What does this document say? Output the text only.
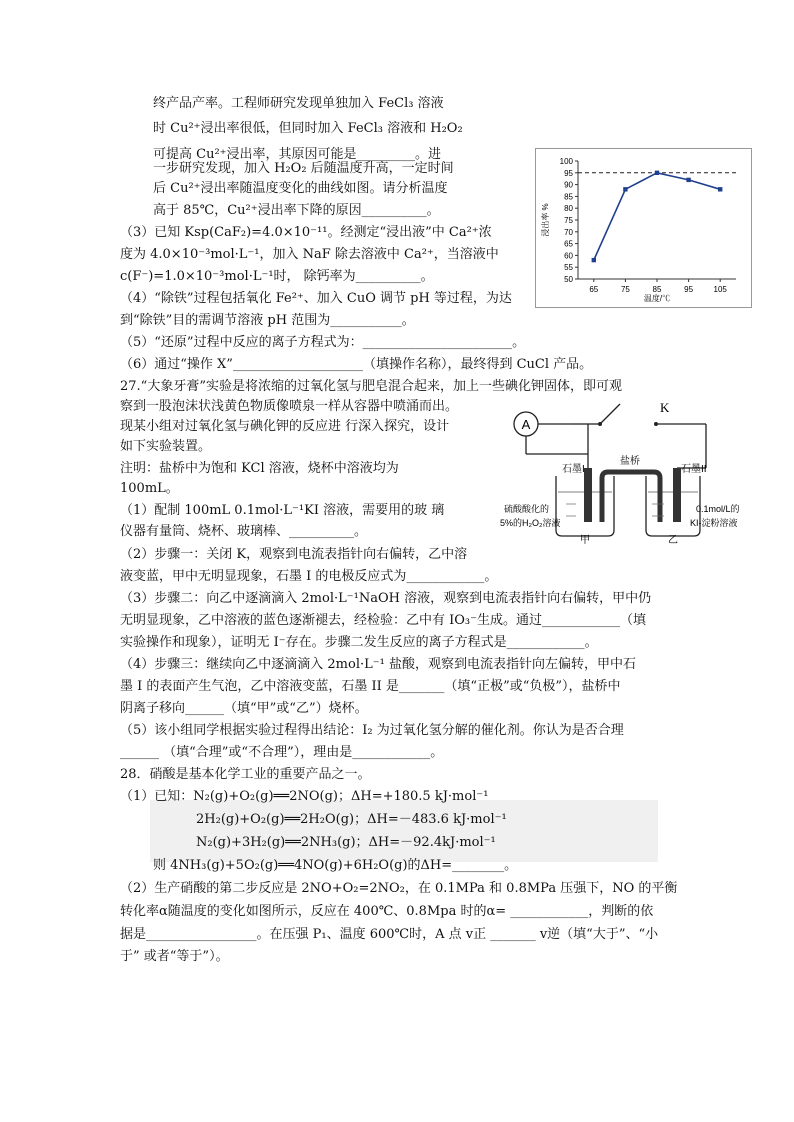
终产品产率。工程师研究发现单独加入 FeCl₃ 溶液
时 Cu²⁺浸出率很低，但同时加入 FeCl₃ 溶液和 H₂O₂
可提高 Cu²⁺浸出率，其原因可能是_________。进
一步研究发现，加入 H₂O₂ 后随温度升高，一定时间
后 Cu²⁺浸出率随温度变化的曲线如图。请分析温度
高于 85℃，Cu²⁺浸出率下降的原因__________。
（3）已知 Ksp(CaF₂)=4.0×10⁻¹¹。经测定“浸出液”中 Ca²⁺浓
度为 4.0×10⁻³mol·L⁻¹，加入 NaF 除去溶液中 Ca²⁺，当溶液中
c(F⁻)=1.0×10⁻³mol·L⁻¹时， 除钙率为__________。
（4）“除铁”过程包括氧化 Fe²⁺、加入 CuO 调节 pH 等过程，为达
到“除铁”目的需调节溶液 pH 范围为___________。
（5）“还原”过程中反应的离子方程式为：_______________________。
（6）通过“操作 X”____________________（填操作名称），最终得到 CuCl 产品。
50
55
60
65
70
75
80
85
90
95
100
65	75	85	95	105
温度/℃
浸出率 %
27.“大象牙膏”实验是将浓缩的过氧化氢与肥皂混合起来，加上一些碘化钾固体，即可观
察到一股泡沫状浅黄色物质像喷泉一样从容器中喷涌而出。
现某小组对过氧化氢与碘化钾的反应进 行深入探究，设计
如下实验装置。
注明：盐桥中为饱和 KCl 溶液，烧杯中溶液均为
100mL。
（1）配制 100mL 0.1mol·L⁻¹KI 溶液，需要用的玻 璃
仪器有量筒、烧杯、玻璃棒、__________。
（2）步骤一：关闭 K，观察到电流表指针向右偏转，乙中溶
液变蓝，甲中无明显现象，石墨 I 的电极反应式为____________。
（3）步骤二：向乙中逐滴滴入 2mol·L⁻¹NaOH 溶液，观察到电流表指针向右偏转，甲中仍
无明显现象，乙中溶液的蓝色逐渐褪去，经检验：乙中有 IO₃⁻生成。通过____________（填
实验操作和现象），证明无 I⁻存在。步骤二发生反应的离子方程式是____________。
（4）步骤三：继续向乙中逐滴滴入 2mol·L⁻¹ 盐酸，观察到电流表指针向左偏转，甲中石
墨 I 的表面产生气泡，乙中溶液变蓝，石墨 II 是_______（填“正极”或“负极”），盐桥中
阴离子移向______（填“甲”或“乙”）烧杯。
（5）该小组同学根据实验过程得出结论：I₂ 为过氧化氢分解的催化剂。你认为是否合理
______ （填“合理”或“不合理”），理由是____________。
A
K
石墨I
盐桥
石墨II
硫酸酸化的
5%的H₂O₂溶液
0.1mol/L的
KI-淀粉溶液
甲	乙
28．硝酸是基本化学工业的重要产品之一。
（1）已知：N₂(g)+O₂(g)══2NO(g)；ΔH=+180.5 kJ·mol⁻¹
2H₂(g)+O₂(g)══2H₂O(g)；ΔH=－483.6 kJ·mol⁻¹
N₂(g)+3H₂(g)══2NH₃(g)；ΔH=－92.4kJ·mol⁻¹
则 4NH₃(g)+5O₂(g)══4NO(g)+6H₂O(g)的ΔH=________。
（2）生产硝酸的第二步反应是 2NO+O₂=2NO₂，在 0.1MPa 和 0.8MPa 压强下，NO 的平衡
转化率α随温度的变化如图所示，反应在 400℃、0.8Mpa 时的α= ____________，判断的依
据是_________________。在压强 P₁、温度 600℃时，A 点 v正 _______ v逆（填“大于”、“小
于” 或者“等于”）。
